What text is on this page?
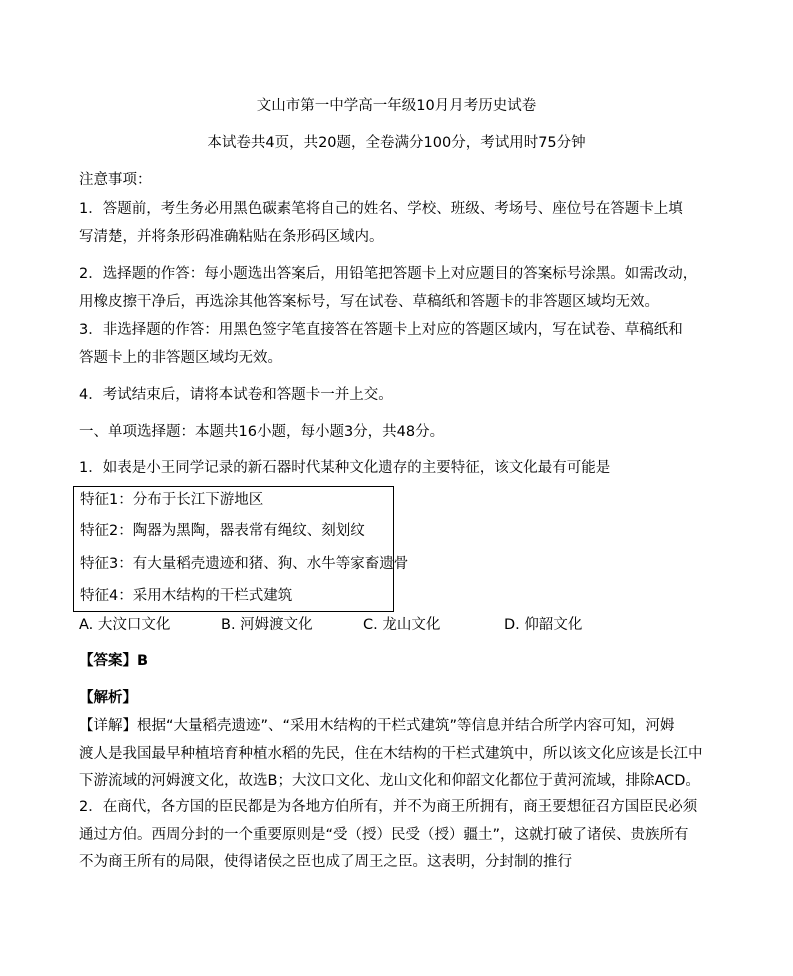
文山市第一中学高一年级10月月考历史试卷
本试卷共4页，共20题，全卷满分100分，考试用时75分钟
注意事项：
1．答题前，考生务必用黑色碳素笔将自己的姓名、学校、班级、考场号、座位号在答题卡上填
写清楚，并将条形码准确粘贴在条形码区域内。
2．选择题的作答：每小题选出答案后，用铅笔把答题卡上对应题目的答案标号涂黑。如需改动，
用橡皮擦干净后，再选涂其他答案标号，写在试卷、草稿纸和答题卡的非答题区域均无效。
3．非选择题的作答：用黑色签字笔直接答在答题卡上对应的答题区域内，写在试卷、草稿纸和
答题卡上的非答题区域均无效。
4．考试结束后，请将本试卷和答题卡一并上交。
一、单项选择题：本题共16小题，每小题3分，共48分。
1．如表是小王同学记录的新石器时代某种文化遗存的主要特征，该文化最有可能是
特征1：分布于长江下游地区
特征2：陶器为黑陶，器表常有绳纹、刻划纹
特征3：有大量稻壳遗迹和猪、狗、水牛等家畜遗骨
特征4：采用木结构的干栏式建筑
A. 大汶口文化	B. 河姆渡文化	C. 龙山文化	D. 仰韶文化
【答案】B
【解析】
【详解】根据“大量稻壳遗迹”、“采用木结构的干栏式建筑”等信息并结合所学内容可知，河姆
渡人是我国最早种植培育种植水稻的先民，住在木结构的干栏式建筑中，所以该文化应该是长江中
下游流域的河姆渡文化，故选B；大汶口文化、龙山文化和仰韶文化都位于黄河流域，排除ACD。
2．在商代，各方国的臣民都是为各地方伯所有，并不为商王所拥有，商王要想征召方国臣民必须
通过方伯。西周分封的一个重要原则是“受（授）民受（授）疆土”，这就打破了诸侯、贵族所有
不为商王所有的局限，使得诸侯之臣也成了周王之臣。这表明，分封制的推行
